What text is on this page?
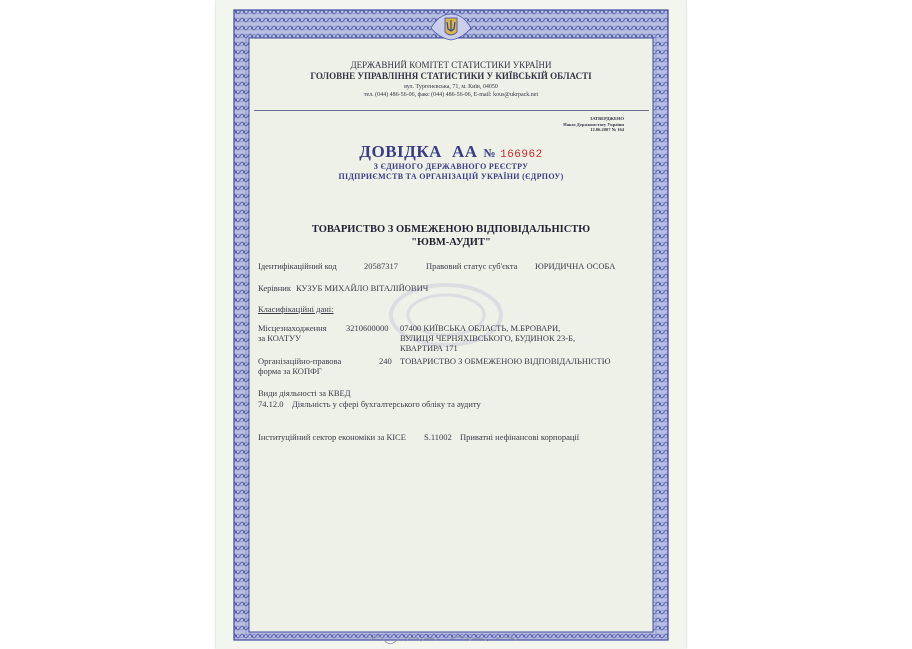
ДЕРЖАВНИЙ КОМІТЕТ СТАТИСТИКИ УКРАЇНИ
ГОЛОВНЕ УПРАВЛІННЯ СТАТИСТИКИ У КИЇВСЬКІЙ ОБЛАСТІ
вул. Тургенєвська, 71, м. Київ, 04050
тел. (044) 486-56-06, факс (044) 486-56-06, E-mail: kous@ukrpack.net
ЗАТВЕРДЖЕНО
Наказ Держкомстату України
12.06.2007 № 164
ДОВІДКА АА № 166962
З ЄДИНОГО ДЕРЖАВНОГО РЕЄСТРУ
ПІДПРИЄМСТВ ТА ОРГАНІЗАЦІЙ УКРАЇНИ (ЄДРПОУ)
ТОВАРИСТВО З ОБМЕЖЕНОЮ ВІДПОВІДАЛЬНІСТЮ
"ЮВМ-АУДИТ"
Ідентифікаційний код	20587317	Правовий статус суб'єкта ЮРИДИЧНА ОСОБА
Керівник КУЗУБ МИХАЙЛО ВІТАЛІЙОВИЧ
Класифікаційні дані:
Місцезнаходження
за КОАТУУ
3210600000 07400 КИЇВСЬКА ОБЛАСТЬ, М.БРОВАРИ,
ВУЛИЦЯ ЧЕРНЯХІВСЬКОГО, БУДИНОК 23-Б,
КВАРТИРА 171
Організаційно-правова
форма за КОПФГ
240 ТОВАРИСТВО З ОБМЕЖЕНОЮ ВІДПОВІДАЛЬНІСТЮ
Види діяльності за КВЕД
74.12.0 Діяльність у сфері бухгалтерського обліку та аудиту
Інституційний сектор економіки за КІСЕ S.11002 Приватні нефінансові корпорації
